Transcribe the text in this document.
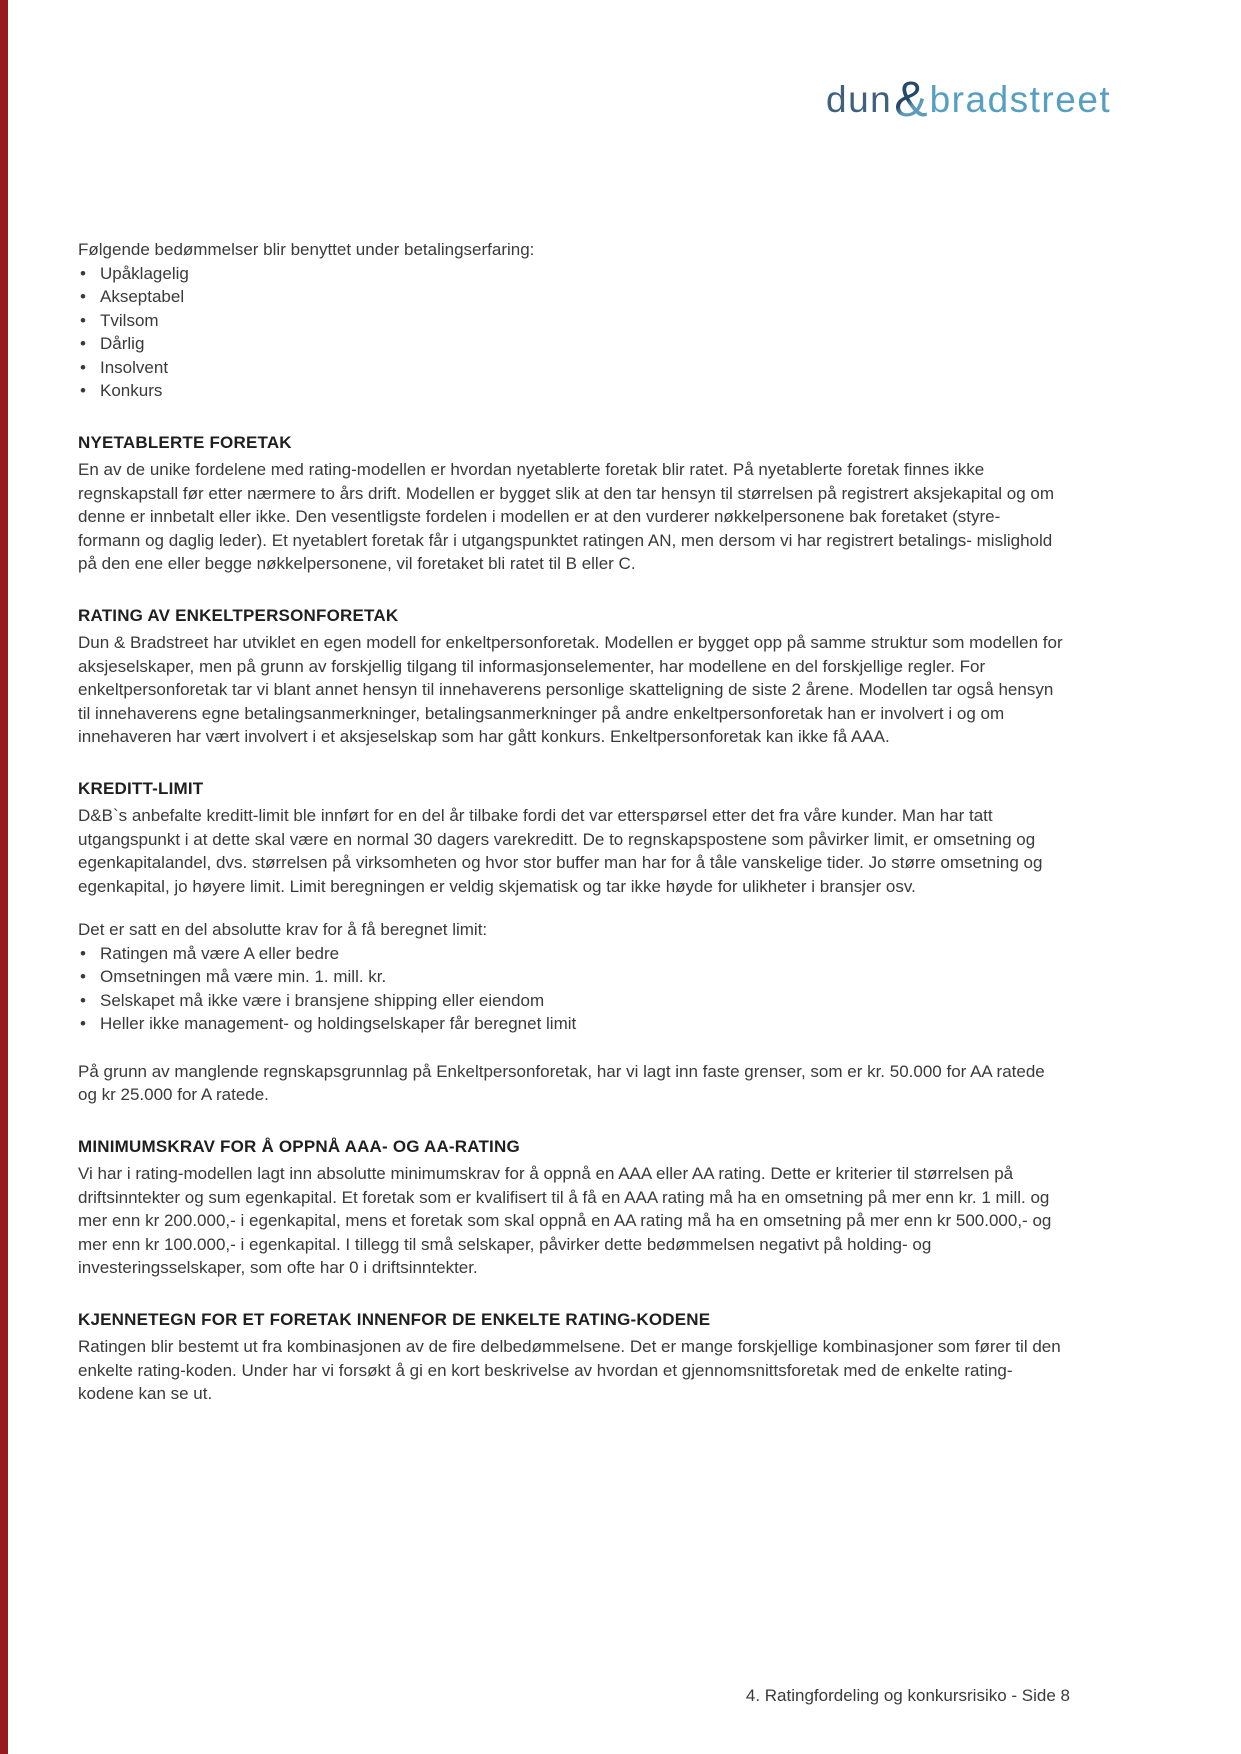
dun & bradstreet

Følgende bedømmelser blir benyttet under betalingserfaring:

• Upåklagelig
• Akseptabel
• Tvilsom
• Dårlig
• Insolvent
• Konkurs
NYETABLERTE FORETAK

En av de unike fordelene med rating-modellen er hvordan nyetablerte foretak blir ratet. På nyetablerte foretak finnes ikke regnskapstall før etter nærmere to års drift. Modellen er bygget slik at den tar hensyn til størrelsen på registrert aksjekapital og om denne er innbetalt eller ikke. Den vesentligste fordelen i modellen er at den vurderer nøkkelpersonene bak foretaket (styre- formann og daglig leder). Et nyetablert foretak får i utgangspunktet ratingen AN, men dersom vi har registrert betalings- mislighold på den ene eller begge nøkkelpersonene, vil foretaket bli ratet til B eller C.

RATING AV ENKELTPERSONFORETAK

Dun & Bradstreet har utviklet en egen modell for enkeltpersonforetak. Modellen er bygget opp på samme struktur som modellen for aksjeselskaper, men på grunn av forskjellig tilgang til informasjonselementer, har modellene en del forskjellige regler. For enkeltpersonforetak tar vi blant annet hensyn til innehaverens personlige skatteligning de siste 2 årene. Modellen tar også hensyn til innehaverens egne betalingsanmerkninger, betalingsanmerkninger på andre enkeltpersonforetak han er involvert i og om innehaveren har vært involvert i et aksjeselskap som har gått konkurs. Enkeltpersonforetak kan ikke få AAA.

KREDITT-LIMIT

D&B`s anbefalte kreditt-limit ble innført for en del år tilbake fordi det var etterspørsel etter det fra våre kunder. Man har tatt utgangspunkt i at dette skal være en normal 30 dagers varekreditt. De to regnskapspostene som påvirker limit, er omsetning og egenkapitalandel, dvs. størrelsen på virksomheten og hvor stor buffer man har for å tåle vanskelige tider. Jo større omsetning og egenkapital, jo høyere limit. Limit beregningen er veldig skjematisk og tar ikke høyde for ulikheter i bransjer osv.

Det er satt en del absolutte krav for å få beregnet limit:

• Ratingen må være A eller bedre
• Omsetningen må være min. 1. mill. kr.
• Selskapet må ikke være i bransjene shipping eller eiendom
• Heller ikke management- og holdingselskaper får beregnet limit

På grunn av manglende regnskapsgrunnlag på Enkeltpersonforetak, har vi lagt inn faste grenser, som er kr. 50.000 for AA ratede og kr 25.000 for A ratede.

MINIMUMSKRAV FOR Å OPPNÅ AAA- OG AA-RATING

Vi har i rating-modellen lagt inn absolutte minimumskrav for å oppnå en AAA eller AA rating. Dette er kriterier til størrelsen på driftsinntekter og sum egenkapital. Et foretak som er kvalifisert til å få en AAA rating må ha en omsetning på mer enn kr. 1 mill. og mer enn kr 200.000,- i egenkapital, mens et foretak som skal oppnå en AA rating må ha en omsetning på mer enn kr 500.000,- og mer enn kr 100.000,- i egenkapital. I tillegg til små selskaper, påvirker dette bedømmelsen negativt på holding- og investeringsselskaper, som ofte har 0 i driftsinntekter.

KJENNETEGN FOR ET FORETAK INNENFOR DE ENKELTE RATING-KODENE

Ratingen blir bestemt ut fra kombinasjonen av de fire delbedømmelsene. Det er mange forskjellige kombinasjoner som fører til den enkelte rating-koden. Under har vi forsøkt å gi en kort beskrivelse av hvordan et gjennomsnittsforetak med de enkelte rating-kodene kan se ut.

4. Ratingfordeling og konkursrisiko - Side 8
